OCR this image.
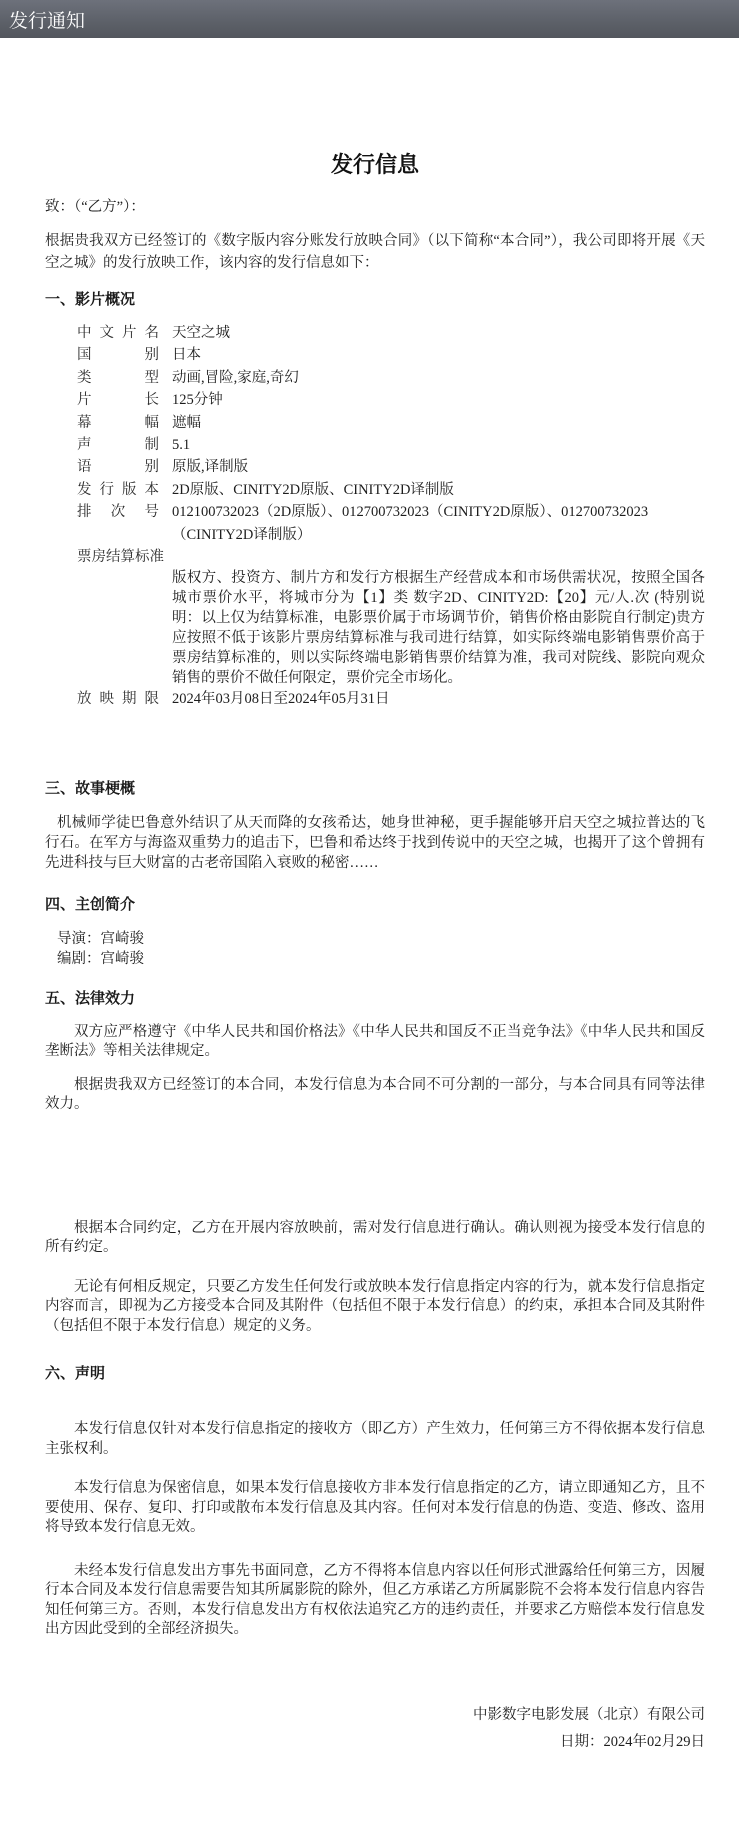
发行通知
发行信息
致：（“乙方”）：
根据贵我双方已经签订的《数字版内容分账发行放映合同》（以下简称“本合同”），我公司即将开展《天空之城》的发行放映工作，该内容的发行信息如下：
一、影片概况
中文片名 天空之城
国别 日本
类型 动画,冒险,家庭,奇幻
片长 125分钟
幕幅 遮幅
声制 5.1
语别 原版,译制版
发行版本 2D原版、CINITY2D原版、CINITY2D译制版
排次号 012100732023（2D原版）、012700732023（CINITY2D原版）、012700732023（CINITY2D译制版）
票房结算标准
版权方、投资方、制片方和发行方根据生产经营成本和市场供需状况，按照全国各城市票价水平，将城市分为【1】类 数字2D、CINITY2D:【20】元/人.次 (特别说明：以上仅为结算标准，电影票价属于市场调节价，销售价格由影院自行制定)贵方应按照不低于该影片票房结算标准与我司进行结算，如实际终端电影销售票价高于票房结算标准的，则以实际终端电影销售票价结算为准，我司对院线、影院向观众销售的票价不做任何限定，票价完全市场化。
放映期限 2024年03月08日至2024年05月31日
三、故事梗概
机械师学徒巴鲁意外结识了从天而降的女孩希达，她身世神秘，更手握能够开启天空之城拉普达的飞行石。在军方与海盗双重势力的追击下，巴鲁和希达终于找到传说中的天空之城，也揭开了这个曾拥有先进科技与巨大财富的古老帝国陷入衰败的秘密……
四、主创简介
导演：宫崎骏
编剧：宫崎骏
五、法律效力
双方应严格遵守《中华人民共和国价格法》《中华人民共和国反不正当竞争法》《中华人民共和国反垄断法》等相关法律规定。
根据贵我双方已经签订的本合同，本发行信息为本合同不可分割的一部分，与本合同具有同等法律效力。
根据本合同约定，乙方在开展内容放映前，需对发行信息进行确认。确认则视为接受本发行信息的所有约定。
无论有何相反规定，只要乙方发生任何发行或放映本发行信息指定内容的行为，就本发行信息指定内容而言，即视为乙方接受本合同及其附件（包括但不限于本发行信息）的约束，承担本合同及其附件（包括但不限于本发行信息）规定的义务。
六、声明
本发行信息仅针对本发行信息指定的接收方（即乙方）产生效力，任何第三方不得依据本发行信息主张权利。
本发行信息为保密信息，如果本发行信息接收方非本发行信息指定的乙方，请立即通知乙方，且不要使用、保存、复印、打印或散布本发行信息及其内容。任何对本发行信息的伪造、变造、修改、盗用将导致本发行信息无效。
未经本发行信息发出方事先书面同意，乙方不得将本信息内容以任何形式泄露给任何第三方，因履行本合同及本发行信息需要告知其所属影院的除外，但乙方承诺乙方所属影院不会将本发行信息内容告知任何第三方。否则，本发行信息发出方有权依法追究乙方的违约责任，并要求乙方赔偿本发行信息发出方因此受到的全部经济损失。
中影数字电影发展（北京）有限公司
日期：2024年02月29日
